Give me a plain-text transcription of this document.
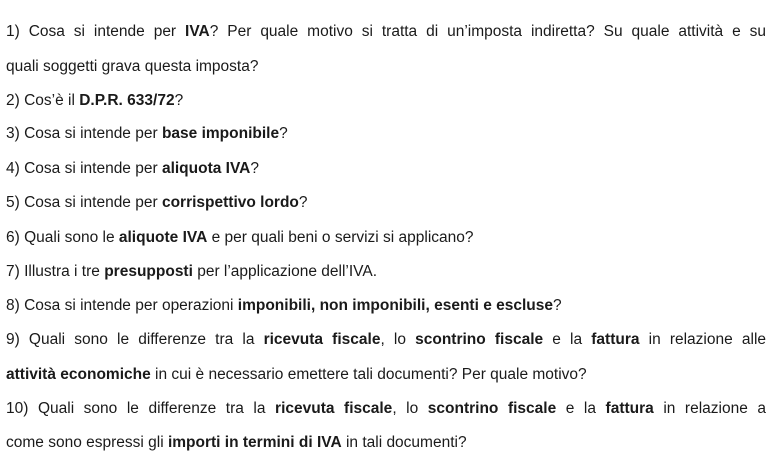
1) Cosa si intende per IVA? Per quale motivo si tratta di un’imposta indiretta? Su quale attività e su
quali soggetti grava questa imposta?
2) Cos’è il D.P.R. 633/72?
3) Cosa si intende per base imponibile?
4) Cosa si intende per aliquota IVA?
5) Cosa si intende per corrispettivo lordo?
6) Quali sono le aliquote IVA e per quali beni o servizi si applicano?
7) Illustra i tre presupposti per l’applicazione dell’IVA.
8) Cosa si intende per operazioni imponibili, non imponibili, esenti e escluse?
9) Quali sono le differenze tra la ricevuta fiscale, lo scontrino fiscale e la fattura in relazione alle
attività economiche in cui è necessario emettere tali documenti? Per quale motivo?
10) Quali sono le differenze tra la ricevuta fiscale, lo scontrino fiscale e la fattura in relazione a
come sono espressi gli importi in termini di IVA in tali documenti?
